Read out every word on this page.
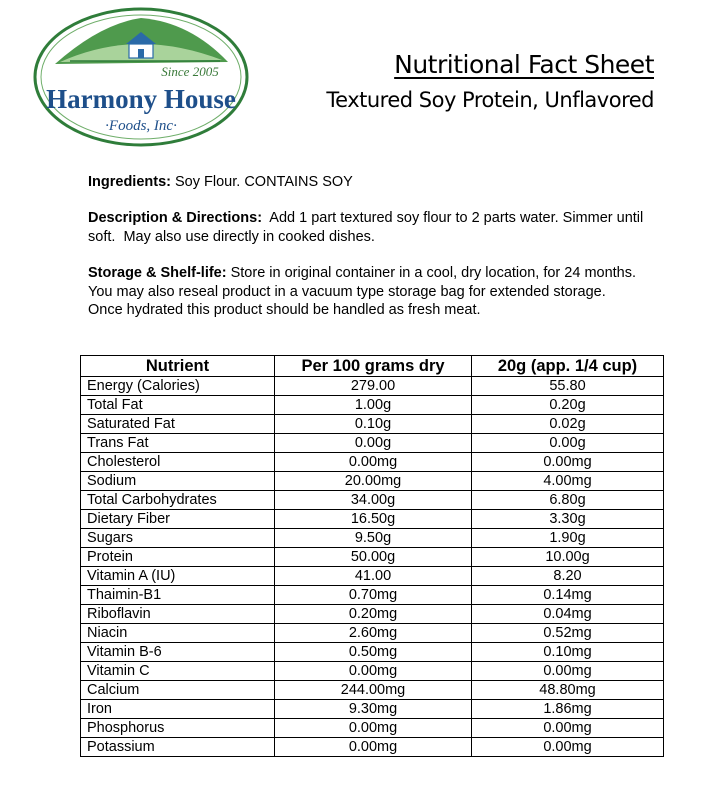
Since 2005
Harmony House
·Foods, Inc·
Nutritional Fact Sheet
Textured Soy Protein, Unflavored
Ingredients: Soy Flour. CONTAINS SOY
Description & Directions:  Add 1 part textured soy flour to 2 parts water. Simmer until soft.  May also use directly in cooked dishes.
Storage & Shelf-life: Store in original container in a cool, dry location, for 24 months.  You may also reseal product in a vacuum type storage bag for extended storage.  Once hydrated this product should be handled as fresh meat.
Nutrient	Per 100 grams dry	20g (app. 1/4 cup)
Energy (Calories)	279.00	55.80
Total Fat	1.00g	0.20g
Saturated Fat	0.10g	0.02g
Trans Fat	0.00g	0.00g
Cholesterol	0.00mg	0.00mg
Sodium	20.00mg	4.00mg
Total Carbohydrates	34.00g	6.80g
Dietary Fiber	16.50g	3.30g
Sugars	9.50g	1.90g
Protein	50.00g	10.00g
Vitamin A (IU)	41.00	8.20
Thaimin-B1	0.70mg	0.14mg
Riboflavin	0.20mg	0.04mg
Niacin	2.60mg	0.52mg
Vitamin B-6	0.50mg	0.10mg
Vitamin C	0.00mg	0.00mg
Calcium	244.00mg	48.80mg
Iron	9.30mg	1.86mg
Phosphorus	0.00mg	0.00mg
Potassium	0.00mg	0.00mg
